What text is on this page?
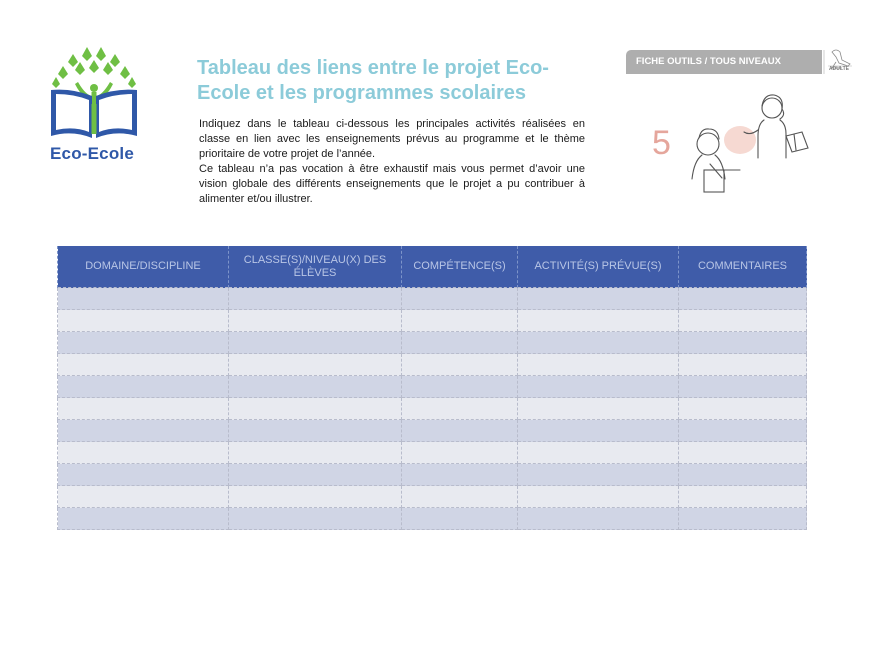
Eco-Ecole
Tableau des liens entre le projet Eco-Ecole et les programmes scolaires

Indiquez dans le tableau ci-dessous les principales activités réalisées en classe en lien avec les enseignements prévus au programme et le thème prioritaire de votre projet de l’année.

Ce tableau n’a pas vocation à être exhaustif mais vous permet d’avoir une vision globale des différents enseignements que le projet a pu contribuer à alimenter et/ou illustrer.

FICHE OUTILS / TOUS NIVEAUX
ADULTE
5
DOMAINE/DISCIPLINE	CLASSE(S)/NIVEAU(X) DES ÉLÈVES	COMPÉTENCE(S)	ACTIVITÉ(S) PRÉVUE(S)	COMMENTAIRES
